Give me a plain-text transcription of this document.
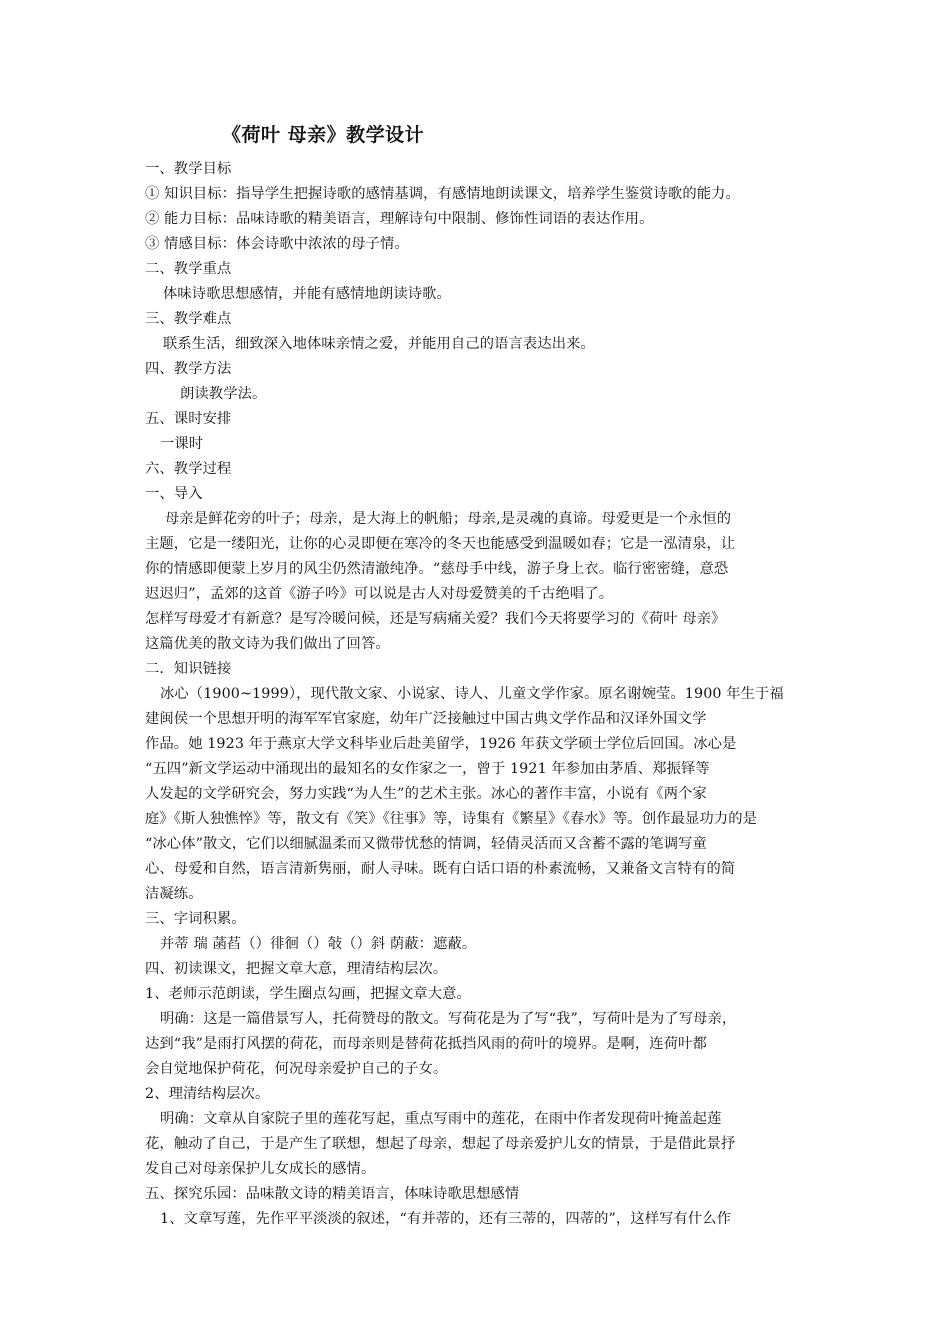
《荷叶 母亲》教学设计
一、教学目标
① 知识目标：指导学生把握诗歌的感情基调，有感情地朗读课文，培养学生鉴赏诗歌的能力。
② 能力目标：品味诗歌的精美语言，理解诗句中限制、修饰性词语的表达作用。
③ 情感目标：体会诗歌中浓浓的母子情。
二、教学重点
体味诗歌思想感情，并能有感情地朗读诗歌。
三、教学难点
联系生活，细致深入地体味亲情之爱，并能用自己的语言表达出来。
四、教学方法
朗读教学法。
五、课时安排
一课时
六、教学过程
一、导入
母亲是鲜花旁的叶子；母亲，是大海上的帆船；母亲,是灵魂的真谛。母爱更是一个永恒的
主题，它是一缕阳光，让你的心灵即便在寒冷的冬天也能感受到温暖如春；它是一泓清泉，让
你的情感即便蒙上岁月的风尘仍然清澈纯净。“慈母手中线，游子身上衣。临行密密缝，意恐
迟迟归”，孟郊的这首《游子吟》可以说是古人对母爱赞美的千古绝唱了。
怎样写母爱才有新意？是写冷暖问候，还是写病痛关爱？我们今天将要学习的《荷叶 母亲》
这篇优美的散文诗为我们做出了回答。
二．知识链接
冰心（1900~1999），现代散文家、小说家、诗人、儿童文学作家。原名谢婉莹。1900 年生于福
建闽侯一个思想开明的海军军官家庭，幼年广泛接触过中国古典文学作品和汉译外国文学
作品。她 1923 年于燕京大学文科毕业后赴美留学，1926 年获文学硕士学位后回国。冰心是
“五四”新文学运动中涌现出的最知名的女作家之一，曾于 1921 年参加由茅盾、郑振铎等
人发起的文学研究会，努力实践“为人生”的艺术主张。冰心的著作丰富，小说有《两个家
庭》《斯人独憔悴》等，散文有《笑》《往事》等，诗集有《繁星》《春水》等。创作最显功力的是
“冰心体”散文，它们以细腻温柔而又微带忧愁的情调，轻倩灵活而又含蓄不露的笔调写童
心、母爱和自然，语言清新隽丽，耐人寻味。既有白话口语的朴素流畅，又兼备文言特有的简
洁凝练。
三、字词积累。
并蒂 瑞 菡萏（）徘徊（）敧（）斜 荫蔽：遮蔽。
四、初读课文，把握文章大意，理清结构层次。
1、老师示范朗读，学生圈点勾画，把握文章大意。
明确：这是一篇借景写人，托荷赞母的散文。写荷花是为了写“我”，写荷叶是为了写母亲，
达到“我”是雨打风摆的荷花，而母亲则是替荷花抵挡风雨的荷叶的境界。是啊，连荷叶都
会自觉地保护荷花，何况母亲爱护自己的子女。
2、理清结构层次。
明确：文章从自家院子里的莲花写起，重点写雨中的莲花，在雨中作者发现荷叶掩盖起莲
花，触动了自己，于是产生了联想，想起了母亲，想起了母亲爱护儿女的情景，于是借此景抒
发自己对母亲保护儿女成长的感情。
五、探究乐园：品味散文诗的精美语言，体味诗歌思想感情
1、文章写莲，先作平平淡淡的叙述，“有并蒂的，还有三蒂的，四蒂的”，这样写有什么作
